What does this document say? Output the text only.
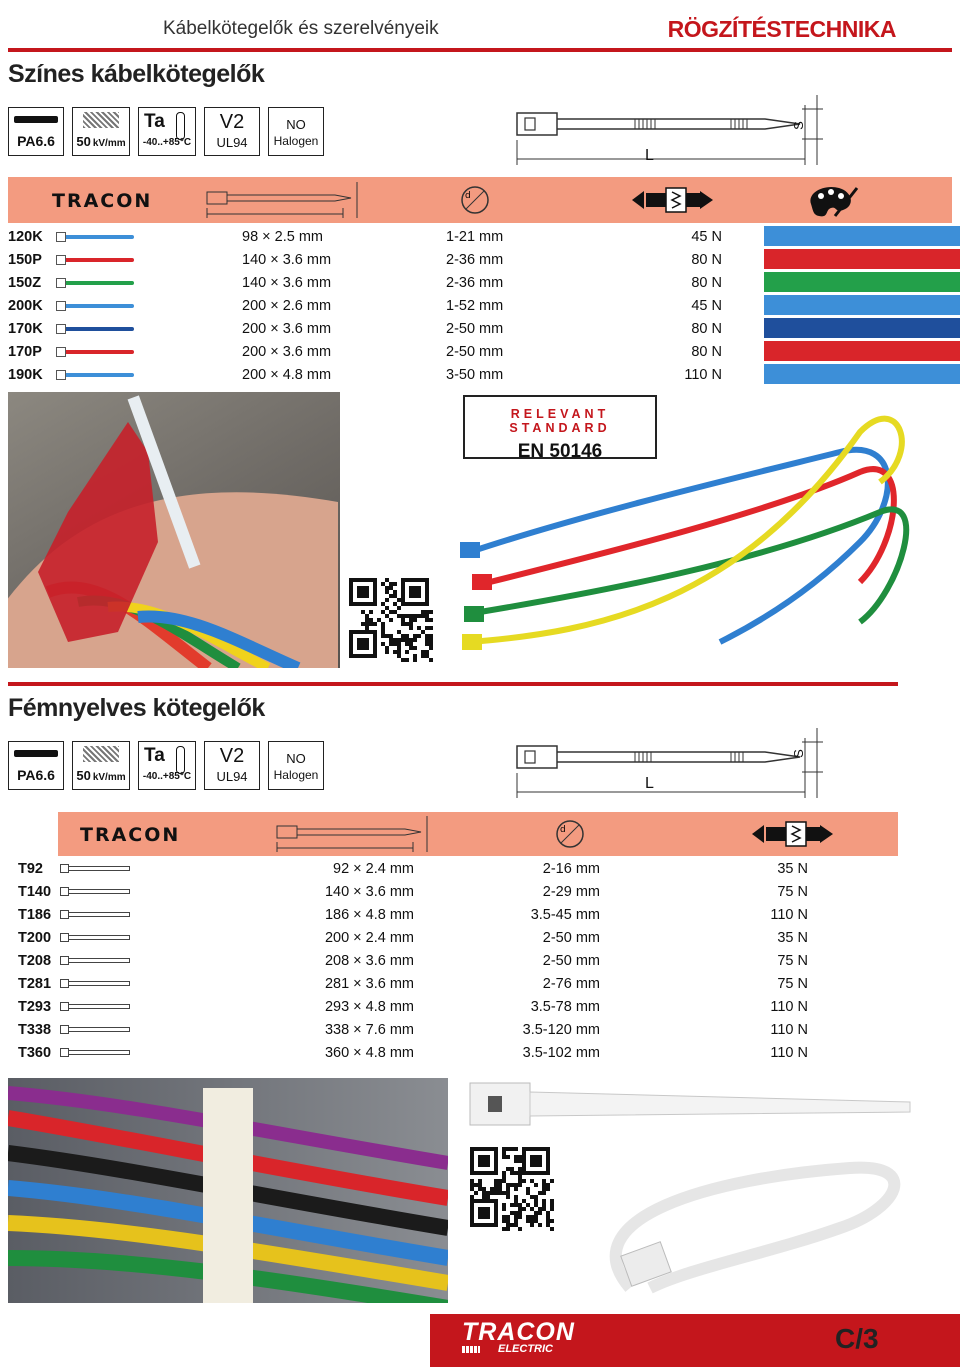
Kábelkötegelők és szerelvényeik	RÖGZÍTÉSTECHNIKA
Színes kábelkötegelők
PA6.6	50 kV/mm
Ta
-40..+85°C
V2
UL94
NO
Halogen
L
S
TRACON	d
120K		98 × 2.5 mm	1-21 mm	45 N
150P		140 × 3.6 mm	2-36 mm	80 N
150Z		140 × 3.6 mm	2-36 mm	80 N
200K		200 × 2.6 mm	1-52 mm	45 N
170K		200 × 3.6 mm	2-50 mm	80 N
170P		200 × 3.6 mm	2-50 mm	80 N
190K		200 × 4.8 mm	3-50 mm	110 N
RELEVANT STANDARD
EN 50146
Fémnyelves kötegelők
PA6.6	50 kV/mm
Ta
-40..+85°C
V2
UL94
NO
Halogen	L
S
TRACON	d
T92		92 × 2.4 mm	2-16 mm	35 N
T140		140 × 3.6 mm	2-29 mm	75 N
T186		186 × 4.8 mm	3.5-45 mm	110 N
T200		200 × 2.4 mm	2-50 mm	35 N
T208		208 × 3.6 mm	2-50 mm	75 N
T281		281 × 3.6 mm	2-76 mm	75 N
T293		293 × 4.8 mm	3.5-78 mm	110 N
T338		338 × 7.6 mm	3.5-120 mm	110 N
T360		360 × 4.8 mm	3.5-102 mm	110 N
TRACON
ELECTRIC	C/3
